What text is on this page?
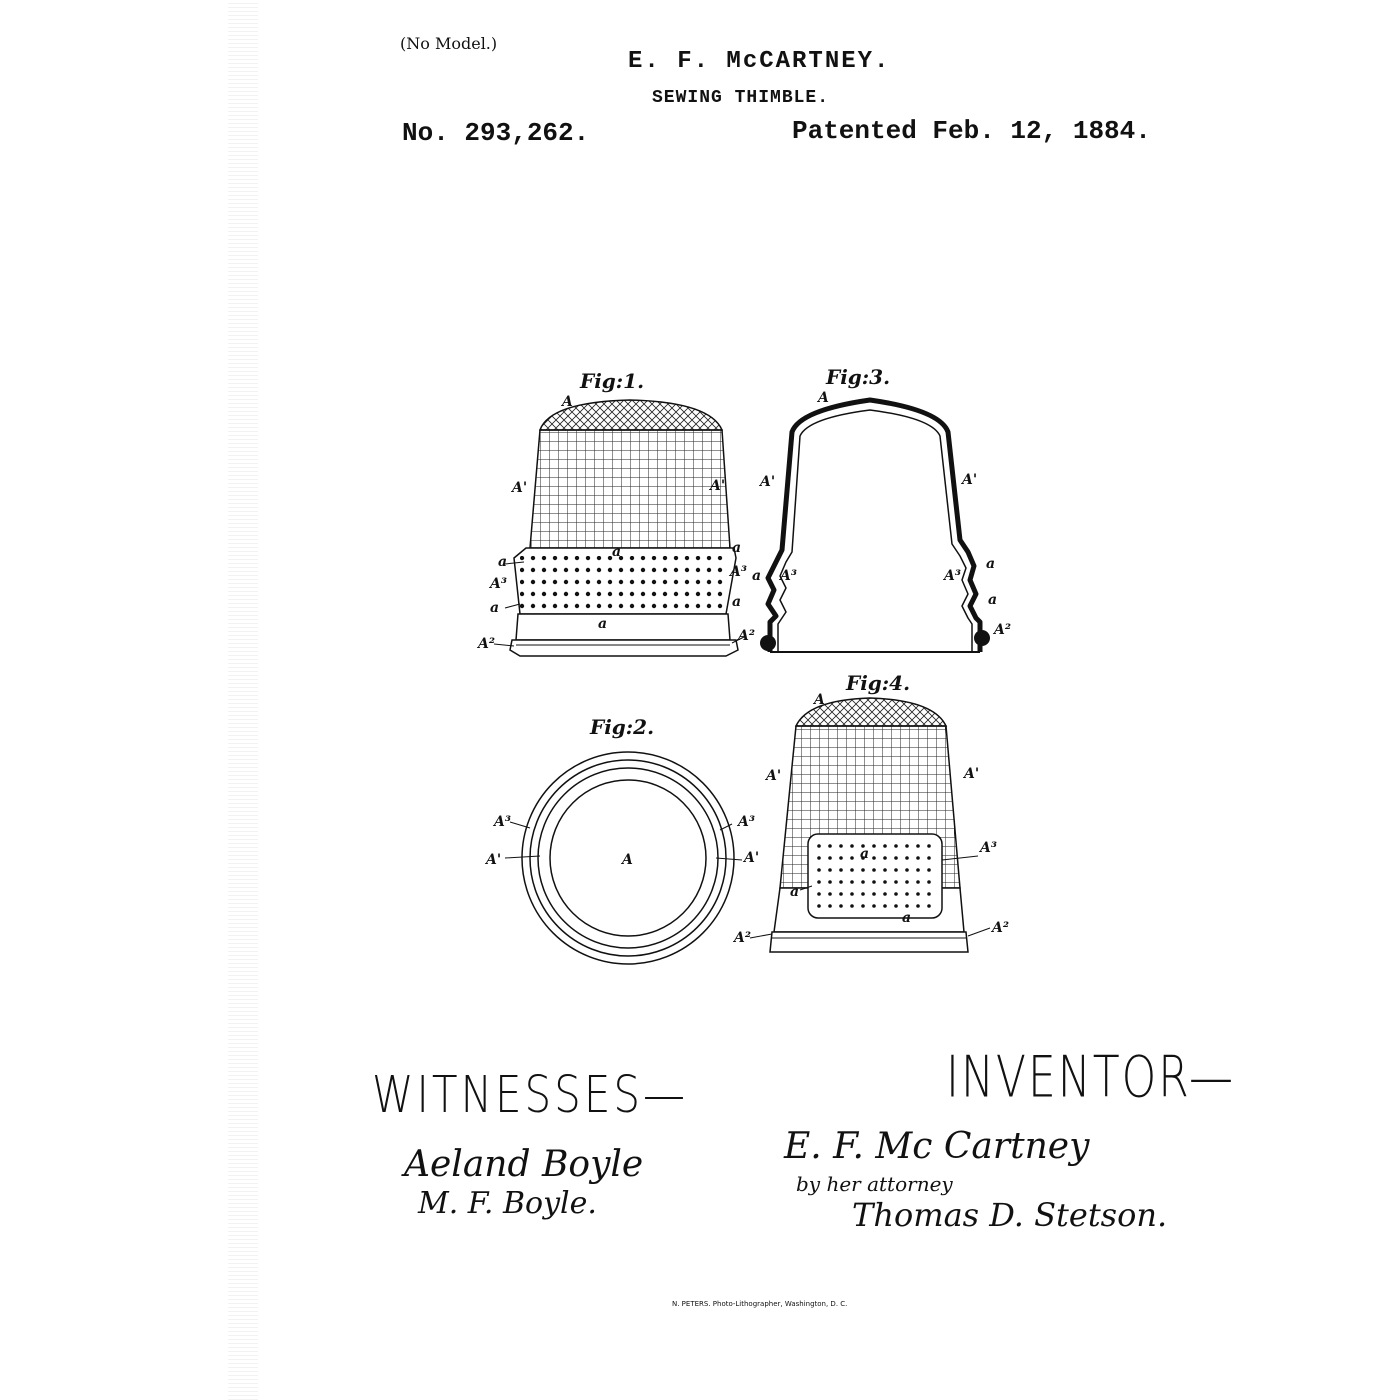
(No Model.)
E. F. McCARTNEY.
SEWING THIMBLE.
No. 293,262.	Patented Feb. 12, 1884.
Fig:1.
A
A'	A'
a
a	a
A³
A³
a
a
a
A²	A²
Fig:3.
A
A'	A'
a A³
a
A³
a
A²
Fig:2.
A³
A'	A
A³
A'
Fig:4.
A
A'	A'
a	A³
a
a
A²
A²
WITNESSES—
Aeland Boyle
M. F. Boyle.
INVENTOR—
E. F. Mc Cartney
by her attorney
Thomas D. Stetson.
N. PETERS. Photo-Lithographer, Washington, D. C.
